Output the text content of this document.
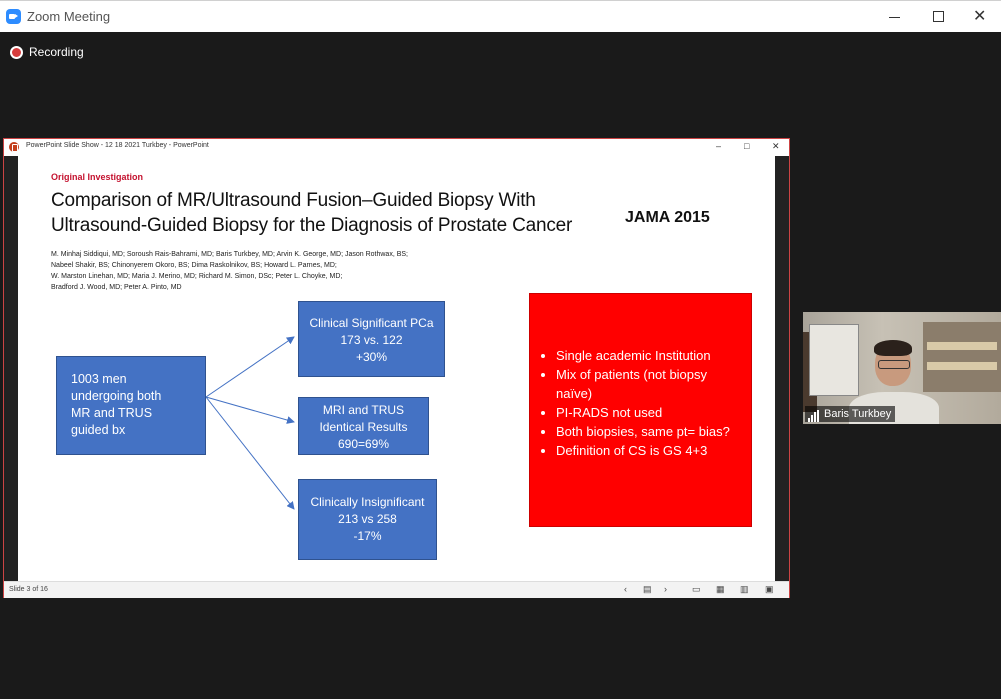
Zoom Meeting	✕
Recording
PowerPoint Slide Show - 12 18 2021 Turkbey - PowerPoint	–	□	✕
Original Investigation
Comparison of MR/Ultrasound Fusion–Guided Biopsy With
Ultrasound-Guided Biopsy for the Diagnosis of Prostate Cancer	JAMA 2015
M. Minhaj Siddiqui, MD; Soroush Rais-Bahrami, MD; Baris Turkbey, MD; Arvin K. George, MD; Jason Rothwax, BS;
Nabeel Shakir, BS; Chinonyerem Okoro, BS; Dima Raskolnikov, BS; Howard L. Parnes, MD;
W. Marston Linehan, MD; Maria J. Merino, MD; Richard M. Simon, DSc; Peter L. Choyke, MD;
Bradford J. Wood, MD; Peter A. Pinto, MD
1003 men
undergoing both
MR and TRUS
guided bx
Clinical Significant PCa
173 vs. 122
+30%
MRI and TRUS
Identical Results
690=69%
Clinically Insignificant
213 vs 258
-17%
• Single academic Institution
• Mix of patients (not biopsy naïve)
• PI-RADS not used
• Both biopsies, same pt= bias?
• Definition of CS is GS 4+3
Slide 3 of 16	‹ ▤ ›	▭ ▦ ▥ ▣
Baris Turkbey
